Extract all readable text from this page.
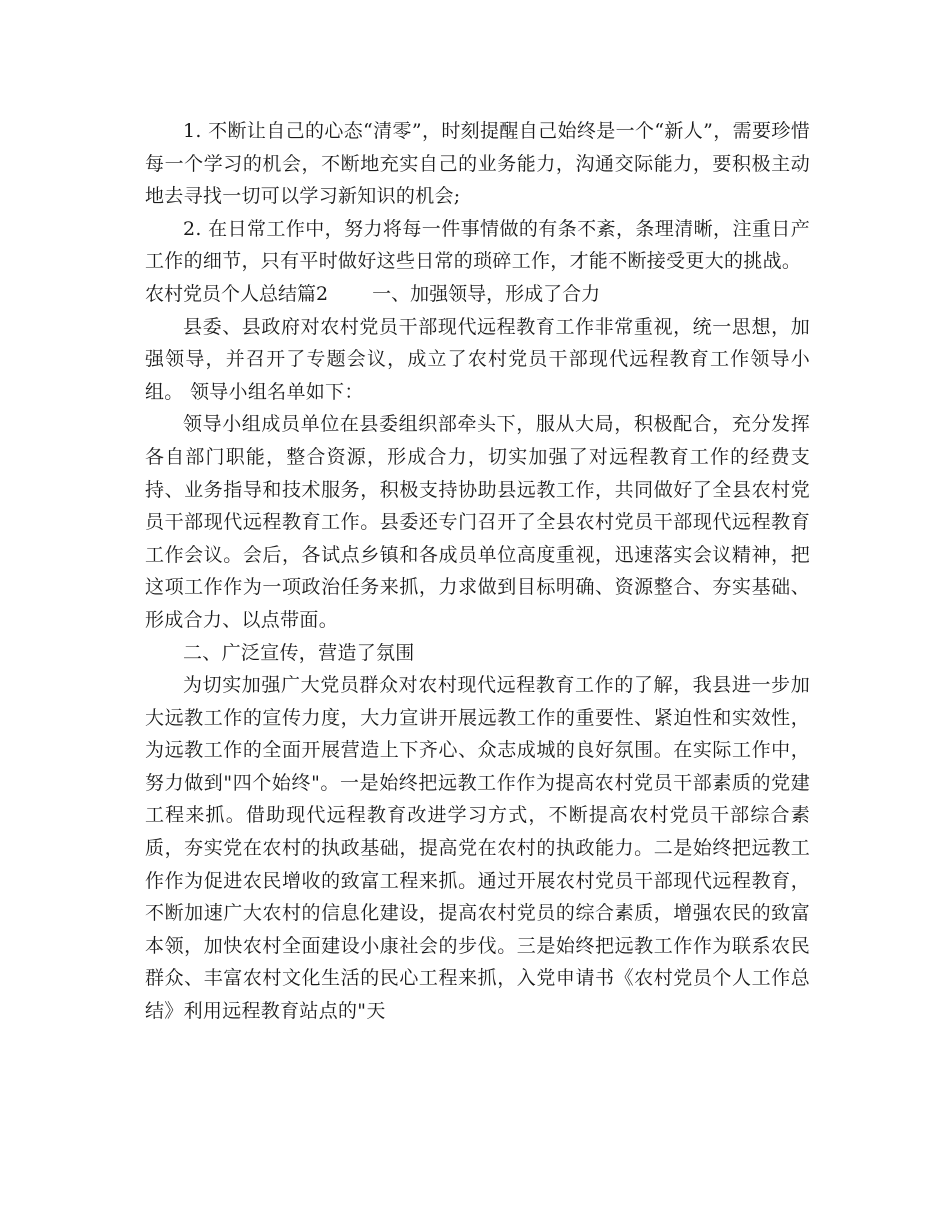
1. 不断让自己的心态“清零”，时刻提醒自己始终是一个“新人”，需要珍惜每一个学习的机会，不断地充实自己的业务能力，沟通交际能力，要积极主动地去寻找一切可以学习新知识的机会;

2. 在日常工作中，努力将每一件事情做的有条不紊，条理清晰，注重日产工作的细节，只有平时做好这些日常的琐碎工作，才能不断接受更大的挑战。

农村党员个人总结篇2 一、加强领导，形成了合力

县委、县政府对农村党员干部现代远程教育工作非常重视，统一思想，加强领导，并召开了专题会议，成立了农村党员干部现代远程教育工作领导小组。 领导小组名单如下：

领导小组成员单位在县委组织部牵头下，服从大局，积极配合，充分发挥各自部门职能，整合资源，形成合力，切实加强了对远程教育工作的经费支持、业务指导和技术服务，积极支持协助县远教工作，共同做好了全县农村党员干部现代远程教育工作。县委还专门召开了全县农村党员干部现代远程教育工作会议。会后，各试点乡镇和各成员单位高度重视，迅速落实会议精神，把这项工作作为一项政治任务来抓，力求做到目标明确、资源整合、夯实基础、形成合力、以点带面。

二、广泛宣传，营造了氛围

为切实加强广大党员群众对农村现代远程教育工作的了解，我县进一步加大远教工作的宣传力度，大力宣讲开展远教工作的重要性、紧迫性和实效性，为远教工作的全面开展营造上下齐心、众志成城的良好氛围。在实际工作中，努力做到"四个始终"。一是始终把远教工作作为提高农村党员干部素质的党建工程来抓。借助现代远程教育改进学习方式，不断提高农村党员干部综合素质，夯实党在农村的执政基础，提高党在农村的执政能力。二是始终把远教工作作为促进农民增收的致富工程来抓。通过开展农村党员干部现代远程教育，不断加速广大农村的信息化建设，提高农村党员的综合素质，增强农民的致富本领，加快农村全面建设小康社会的步伐。三是始终把远教工作作为联系农民群众、丰富农村文化生活的民心工程来抓，入党申请书《农村党员个人工作总结》利用远程教育站点的"天
